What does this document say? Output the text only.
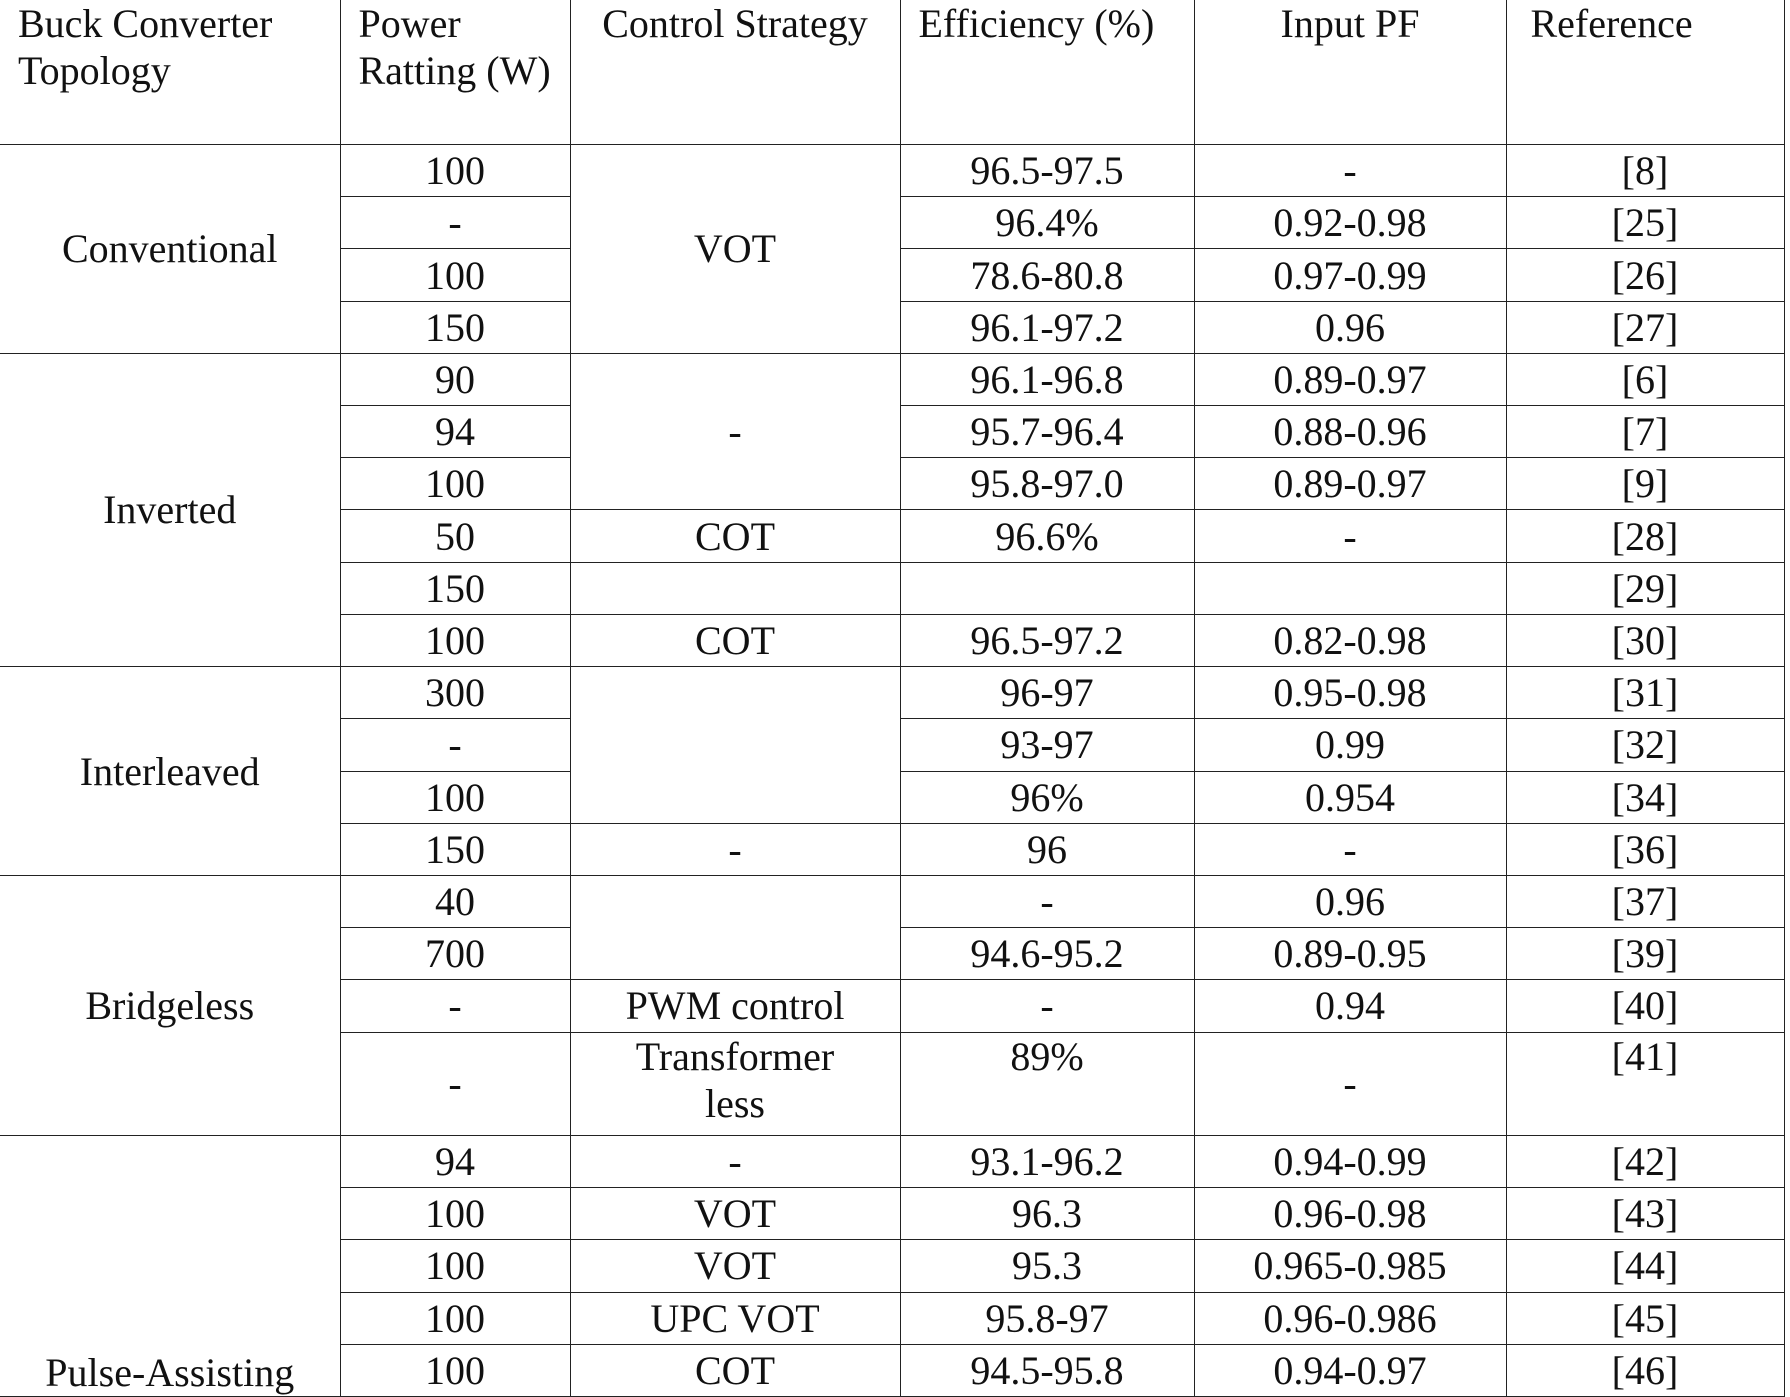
Buck Converter Topology	Power Ratting (W)	Control Strategy	Efficiency (%)	Input PF	Reference
Conventional	100	VOT	96.5-97.5	-	[8]
	-		96.4%	0.92-0.98	[25]
	100		78.6-80.8	0.97-0.99	[26]
	150		96.1-97.2	0.96	[27]
Inverted	90	-	96.1-96.8	0.89-0.97	[6]
	94		95.7-96.4	0.88-0.96	[7]
	100		95.8-97.0	0.89-0.97	[9]
	50	COT	96.6%	-	[28]
	150				[29]
	100	COT	96.5-97.2	0.82-0.98	[30]
Interleaved	300		96-97	0.95-0.98	[31]
	-		93-97	0.99	[32]
	100		96%	0.954	[34]
	150	-	96	-	[36]
Bridgeless	40		-	0.96	[37]
	700		94.6-95.2	0.89-0.95	[39]
	-	PWM control	-	0.94	[40]
	-	Transformer less	89%	-	[41]
Pulse-Assisting	94	-	93.1-96.2	0.94-0.99	[42]
	100	VOT	96.3	0.96-0.98	[43]
	100	VOT	95.3	0.965-0.985	[44]
	100	UPC VOT	95.8-97	0.96-0.986	[45]
	100	COT	94.5-95.8	0.94-0.97	[46]
